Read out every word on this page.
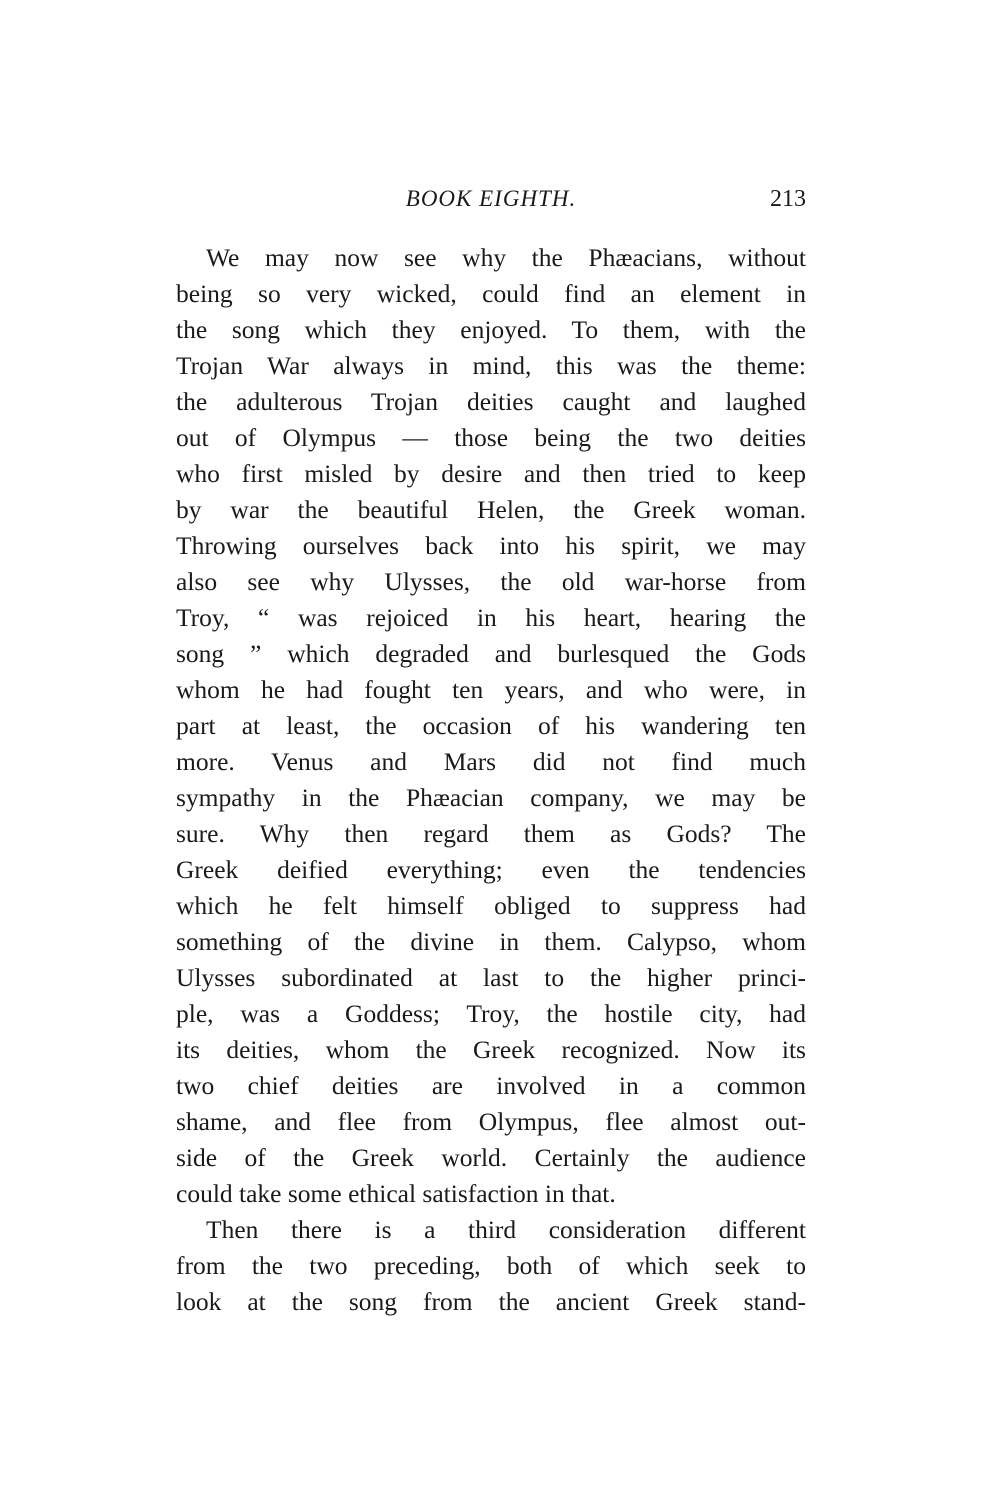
BOOK EIGHTH.	213
We may now see why the Phæacians, without
being so very wicked, could find an element in
the song which they enjoyed. To them, with the
Trojan War always in mind, this was the theme:
the adulterous Trojan deities caught and laughed
out of Olympus — those being the two deities
who first misled by desire and then tried to keep
by war the beautiful Helen, the Greek woman.
Throwing ourselves back into his spirit, we may
also see why Ulysses, the old war-horse from
Troy, “ was rejoiced in his heart, hearing the
song ” which degraded and burlesqued the Gods
whom he had fought ten years, and who were, in
part at least, the occasion of his wandering ten
more. Venus and Mars did not find much
sympathy in the Phæacian company, we may be
sure. Why then regard them as Gods? The
Greek deified everything; even the tendencies
which he felt himself obliged to suppress had
something of the divine in them. Calypso, whom
Ulysses subordinated at last to the higher princi-
ple, was a Goddess; Troy, the hostile city, had
its deities, whom the Greek recognized. Now its
two chief deities are involved in a common
shame, and flee from Olympus, flee almost out-
side of the Greek world. Certainly the audience
could take some ethical satisfaction in that.
Then there is a third consideration different
from the two preceding, both of which seek to
look at the song from the ancient Greek stand-
